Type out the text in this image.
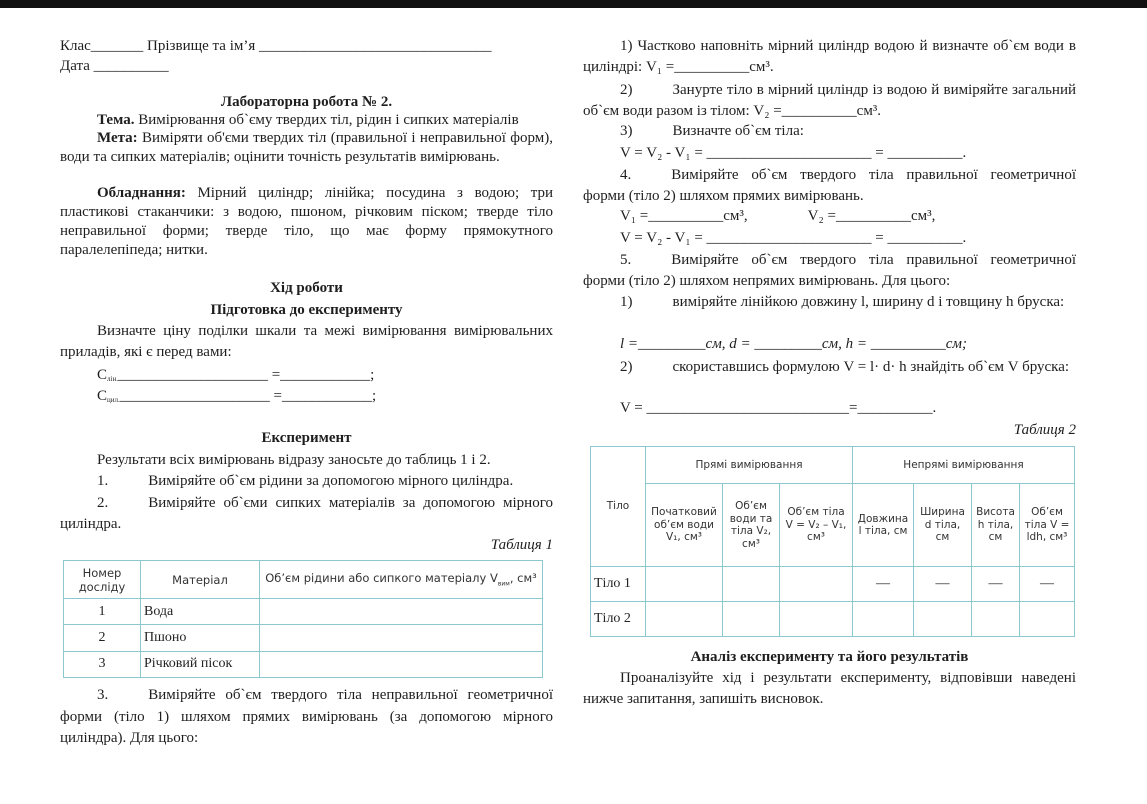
Клас_______ Прізвище та ім’я _______________________________

Дата __________

Лабораторна робота № 2.

Тема. Вимірювання об`єму твердих тіл, рідин і сипких матеріалів

Мета: Виміряти об'єми твердих тіл (правильної і неправильної форм), води та сипких матеріалів; оцінити точність результатів вимірювань.

Обладнання: Мірний циліндр; лінійка; посудина з водою; три пластикові стаканчики: з водою, пшоном, річковим піском; тверде тіло неправильної форми; тверде тіло, що має форму прямокутного паралелепіпеда; нитки.

Хід роботи

Підготовка до експерименту

Визначте ціну поділки шкали та межі вимірювання вимірювальних приладів, які є перед вами:

$C_{лін.}\_\_\_\_\_\_\_\_\_\_\_\_\_\_\_\_\_\_\_\_$ =____________;

$C_{цил.}\_\_\_\_\_\_\_\_\_\_\_\_\_\_\_\_\_\_\_\_$ =____________;

Експеримент

Результати всіх вимірювань відразу заносьте до таблиць 1 і 2.

1.	Виміряйте об`єм рідини за допомогою мірного циліндра.

2.	Виміряйте об`єми сипких матеріалів за допомогою мірного циліндра.

Таблиця 1

Номер досліду	Матеріал	Об’єм рідини або сипкого матеріалу $V_{вим}$, см³
1	Вода	
2	Пшоно	
3	Річковий пісок	

3.	Виміряйте об`єм твердого тіла неправильної геометричної форми (тіло 1) шляхом прямих вимірювань (за допомогою мірного циліндра). Для цього:

1) Частково наповніть мірний циліндр водою й визначте об`єм води в циліндрі: V₁ =__________см³.

2)	Занурте тіло в мірний циліндр із водою й виміряйте загальний об`єм води разом із тілом: V₂ =__________см³.

3)	Визначте об`єм тіла:

V = V₂ - V₁ = ______________________ = __________.

4.	Виміряйте об`єм твердого тіла правильної геометричної форми (тіло 2) шляхом прямих вимірювань.

V₁ =__________см³,	V₂ =__________см³,

V = V₂ - V₁ = ______________________ = __________.

5.	Виміряйте об`єм твердого тіла правильної геометричної форми (тіло 2) шляхом непрямих вимірювань. Для цього:

1)	виміряйте лінійкою довжину l, ширину d і товщину h бруска:

l =_________см, d = _________см, h = __________см;

2)	скориставшись формулою V = l· d· h знайдіть об`єм V бруска:

V = ___________________________=__________.

Таблиця 2

Тіло	Прямі вимірювання			Непрямі вимірювання			
	Початковий об’єм води V₁, см³	Об’єм води та тіла V₂, см³	Об’єм тіла V = V₂ – V₁, см³	Довжина l тіла, см	Ширина d тіла, см	Висота h тіла, см	Об’єм тіла V = ldh, см³
Тіло 1				—	—	—	—
Тіло 2							

Аналіз експерименту та його результатів

Проаналізуйте хід і результати експерименту, відповівши наведені нижче запитання, запишіть висновок.
